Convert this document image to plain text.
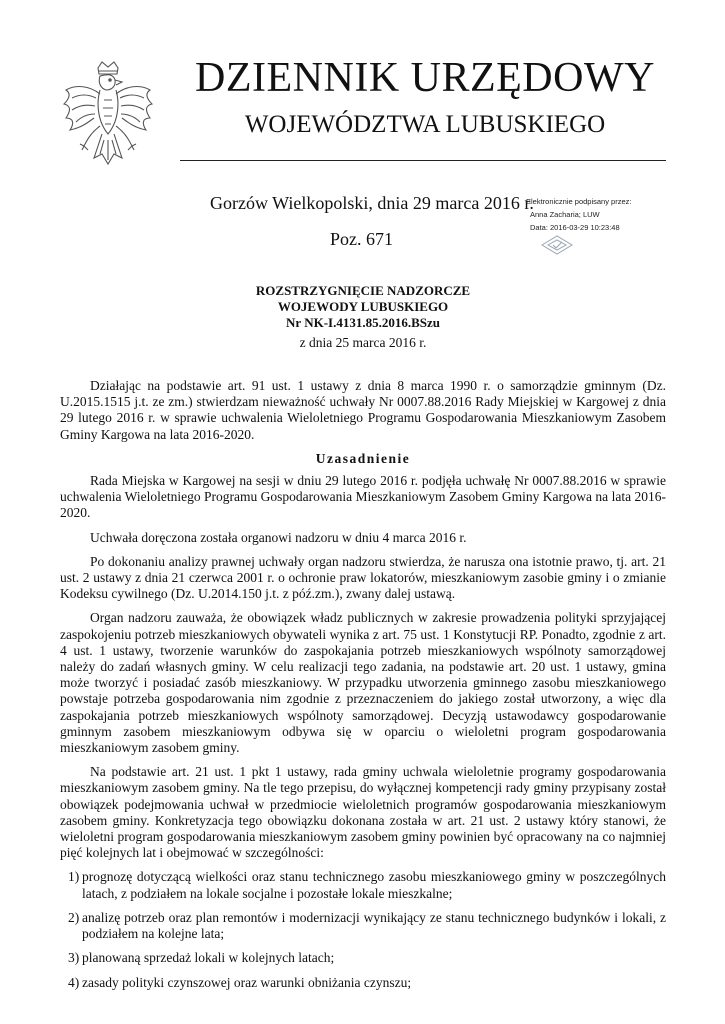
DZIENNIK URZĘDOWY
WOJEWÓDZTWA LUBUSKIEGO
Gorzów Wielkopolski, dnia 29 marca 2016 r.
Poz. 671
Elektronicznie podpisany przez:
Anna Zacharia; LUW
Data: 2016-03-29 10:23:48
ROZSTRZYGNIĘCIE NADZORCZE
WOJEWODY LUBUSKIEGO
Nr NK-I.4131.85.2016.BSzu
z dnia 25 marca 2016 r.

Działając na podstawie art. 91 ust. 1 ustawy z dnia 8 marca 1990 r. o samorządzie gminnym (Dz. U.2015.1515 j.t. ze zm.) stwierdzam nieważność uchwały Nr 0007.88.2016 Rady Miejskiej w Kargowej z dnia 29 lutego 2016 r. w sprawie uchwalenia Wieloletniego Programu Gospodarowania Mieszkaniowym Zasobem Gminy Kargowa na lata 2016-2020.

Uzasadnienie

Rada Miejska w Kargowej na sesji w dniu 29 lutego 2016 r. podjęła uchwałę Nr 0007.88.2016 w sprawie uchwalenia Wieloletniego Programu Gospodarowania Mieszkaniowym Zasobem Gminy Kargowa na lata 2016-2020.

Uchwała doręczona została organowi nadzoru w dniu 4 marca 2016 r.

Po dokonaniu analizy prawnej uchwały organ nadzoru stwierdza, że narusza ona istotnie prawo, tj. art. 21 ust. 2 ustawy z dnia 21 czerwca 2001 r. o ochronie praw lokatorów, mieszkaniowym zasobie gminy i o zmianie Kodeksu cywilnego (Dz. U.2014.150 j.t. z póź.zm.), zwany dalej ustawą.

Organ nadzoru zauważa, że obowiązek władz publicznych w zakresie prowadzenia polityki sprzyjającej zaspokojeniu potrzeb mieszkaniowych obywateli wynika z art. 75 ust. 1 Konstytucji RP. Ponadto, zgodnie z art. 4 ust. 1 ustawy, tworzenie warunków do zaspokajania potrzeb mieszkaniowych wspólnoty samorządowej należy do zadań własnych gminy. W celu realizacji tego zadania, na podstawie art. 20 ust. 1 ustawy, gmina może tworzyć i posiadać zasób mieszkaniowy. W przypadku utworzenia gminnego zasobu mieszkaniowego powstaje potrzeba gospodarowania nim zgodnie z przeznaczeniem do jakiego został utworzony, a więc dla zaspokajania potrzeb mieszkaniowych wspólnoty samorządowej. Decyzją ustawodawcy gospodarowanie gminnym zasobem mieszkaniowym odbywa się w oparciu o wieloletni program gospodarowania mieszkaniowym zasobem gminy.

Na podstawie art. 21 ust. 1 pkt 1 ustawy, rada gminy uchwala wieloletnie programy gospodarowania mieszkaniowym zasobem gminy. Na tle tego przepisu, do wyłącznej kompetencji rady gminy przypisany został obowiązek podejmowania uchwał w przedmiocie wieloletnich programów gospodarowania mieszkaniowym zasobem gminy. Konkretyzacja tego obowiązku dokonana została w art. 21 ust. 2 ustawy który stanowi, że wieloletni program gospodarowania mieszkaniowym zasobem gminy powinien być opracowany na co najmniej pięć kolejnych lat i obejmować w szczególności:

1) prognozę dotyczącą wielkości oraz stanu technicznego zasobu mieszkaniowego gminy w poszczególnych latach, z podziałem na lokale socjalne i pozostałe lokale mieszkalne;
2) analizę potrzeb oraz plan remontów i modernizacji wynikający ze stanu technicznego budynków i lokali, z podziałem na kolejne lata;
3) planowaną sprzedaż lokali w kolejnych latach;
4) zasady polityki czynszowej oraz warunki obniżania czynszu;
